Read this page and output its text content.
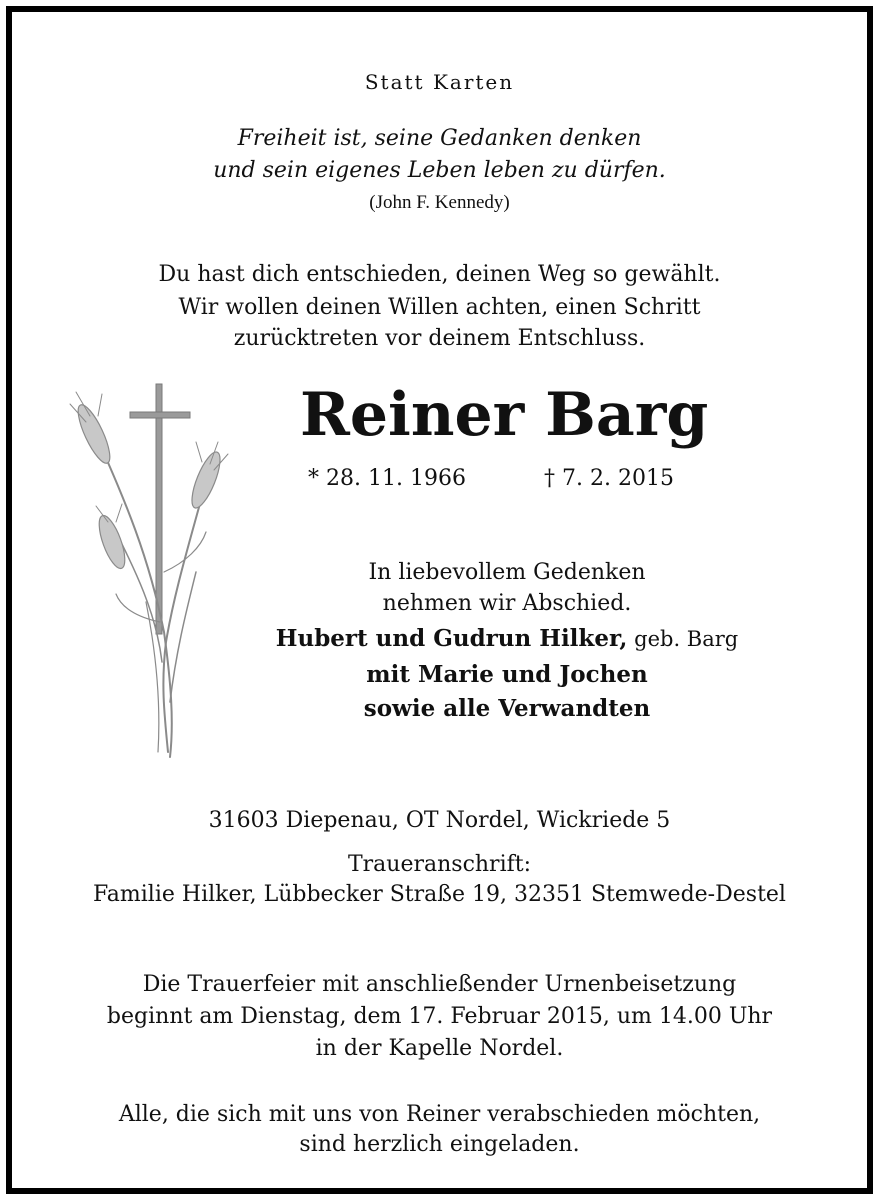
Statt Karten
Freiheit ist, seine Gedanken denken
und sein eigenes Leben leben zu dürfen.
(John F. Kennedy)
Du hast dich entschieden, deinen Weg so gewählt.
Wir wollen deinen Willen achten, einen Schritt
zurücktreten vor deinem Entschluss.
Reiner Barg
* 28. 11. 1966	† 7. 2. 2015
In liebevollem Gedenken
nehmen wir Abschied.
Hubert und Gudrun Hilker, geb. Barg
mit Marie und Jochen
sowie alle Verwandten
31603 Diepenau, OT Nordel, Wickriede 5
Traueranschrift:
Familie Hilker, Lübbecker Straße 19, 32351 Stemwede-Destel
Die Trauerfeier mit anschließender Urnenbeisetzung
beginnt am Dienstag, dem 17. Februar 2015, um 14.00 Uhr
in der Kapelle Nordel.
Alle, die sich mit uns von Reiner verabschieden möchten,
sind herzlich eingeladen.
